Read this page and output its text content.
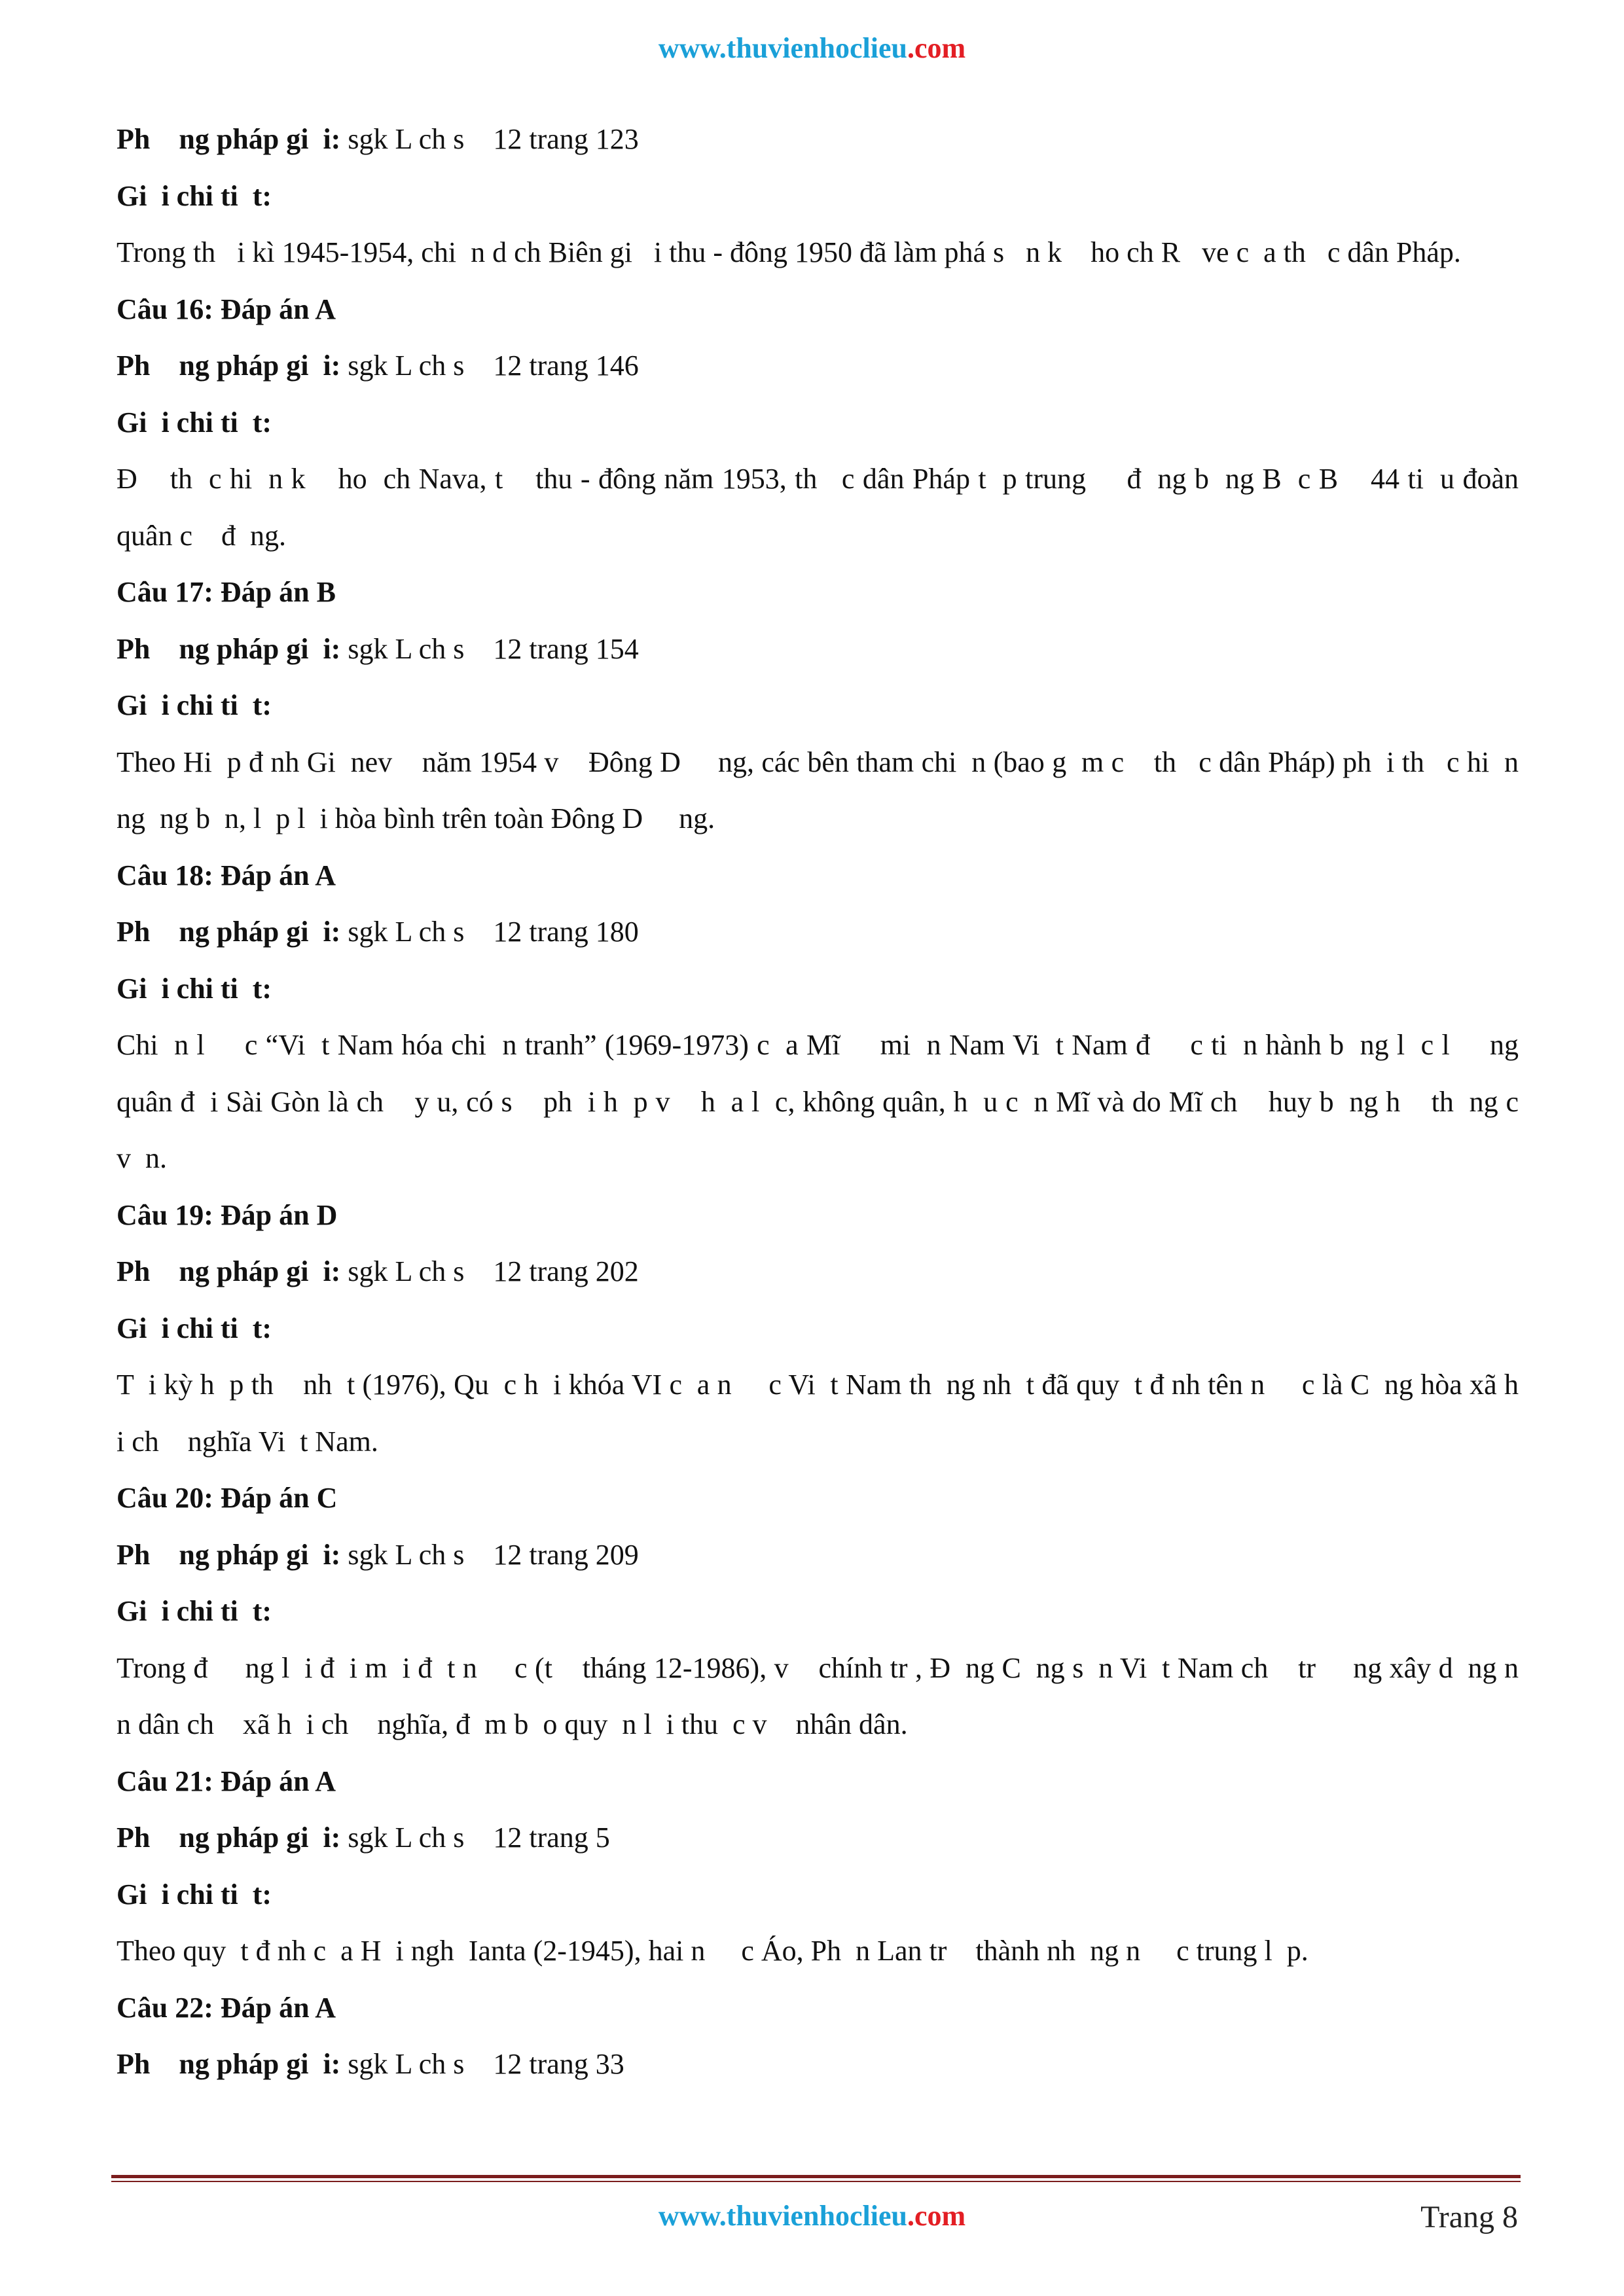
www.thuvienhoclieu.com
Ph    ng pháp gi  i: sgk L ch s    12 trang 123
Gi  i chi ti  t:
Trong th   i kì 1945-1954, chi  n d ch Biên gi   i thu - đông 1950 đã làm phá s   n k    ho ch R   ve c  a th   c dân Pháp.
Câu 16: Đáp án A
Ph    ng pháp gi  i: sgk L ch s    12 trang 146
Gi  i chi ti  t:
Đ    th  c hi  n k    ho  ch Nava, t    thu - đông năm 1953, th   c dân Pháp t  p trung     đ  ng b  ng B  c B    44 ti  u đoàn quân c    đ  ng.
Câu 17: Đáp án B
Ph    ng pháp gi  i: sgk L ch s    12 trang 154
Gi  i chi ti  t:
Theo Hi  p đ nh Gi  nev    năm 1954 v    Đông D     ng, các bên tham chi  n (bao g  m c    th   c dân Pháp) ph  i th   c hi  n ng  ng b  n, l  p l  i hòa bình trên toàn Đông D     ng.
Câu 18: Đáp án A
Ph    ng pháp gi  i: sgk L ch s    12 trang 180
Gi  i chi ti  t:
Chi  n l     c “Vi  t Nam hóa chi  n tranh” (1969-1973) c  a Mĩ     mi  n Nam Vi  t Nam đ     c ti  n hành b  ng l  c l     ng quân đ  i Sài Gòn là ch    y u, có s    ph  i h  p v    h  a l  c, không quân, h  u c  n Mĩ và do Mĩ ch    huy b  ng h    th  ng c    v  n.
Câu 19: Đáp án D
Ph    ng pháp gi  i: sgk L ch s    12 trang 202
Gi  i chi ti  t:
T  i kỳ h  p th    nh  t (1976), Qu  c h  i khóa VI c  a n     c Vi  t Nam th  ng nh  t đã quy  t đ nh tên n     c là C  ng hòa xã h  i ch    nghĩa Vi  t Nam.
Câu 20: Đáp án C
Ph    ng pháp gi  i: sgk L ch s    12 trang 209
Gi  i chi ti  t:
Trong đ     ng l  i đ  i m  i đ  t n     c (t    tháng 12-1986), v    chính tr , Đ  ng C  ng s  n Vi  t Nam ch    tr     ng xây d  ng n  n dân ch    xã h  i ch    nghĩa, đ  m b  o quy  n l  i thu  c v    nhân dân.
Câu 21: Đáp án A
Ph    ng pháp gi  i: sgk L ch s    12 trang 5
Gi  i chi ti  t:
Theo quy  t đ nh c  a H  i ngh  Ianta (2-1945), hai n     c Áo, Ph  n Lan tr    thành nh  ng n     c trung l  p.
Câu 22: Đáp án A
Ph    ng pháp gi  i: sgk L ch s    12 trang 33
www.thuvienhoclieu.com	Trang 8
